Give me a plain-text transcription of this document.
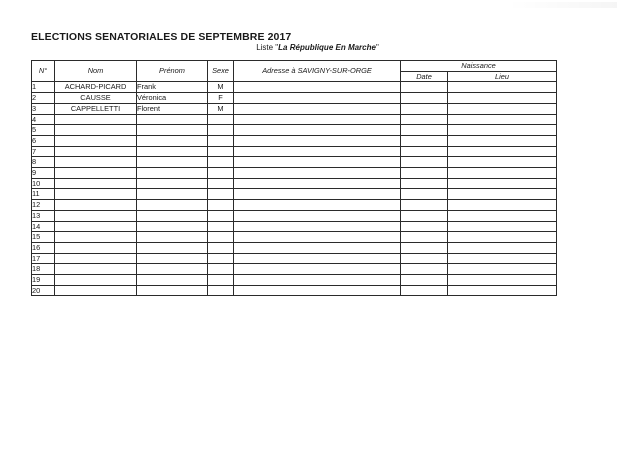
ELECTIONS SENATORIALES DE SEPTEMBRE 2017
Liste "La République En Marche"
N°	Nom	Prénom	Sexe	Adresse à SAVIGNY-SUR-ORGE	Naissance	
					Date	Lieu
1	ACHARD-PICARD	Frank	M			
2	CAUSSE	Véronica	F			
3	CAPPELLETTI	Florent	M			
4						
5						
6						
7						
8						
9						
10						
11						
12						
13						
14						
15						
16						
17						
18						
19						
20						
